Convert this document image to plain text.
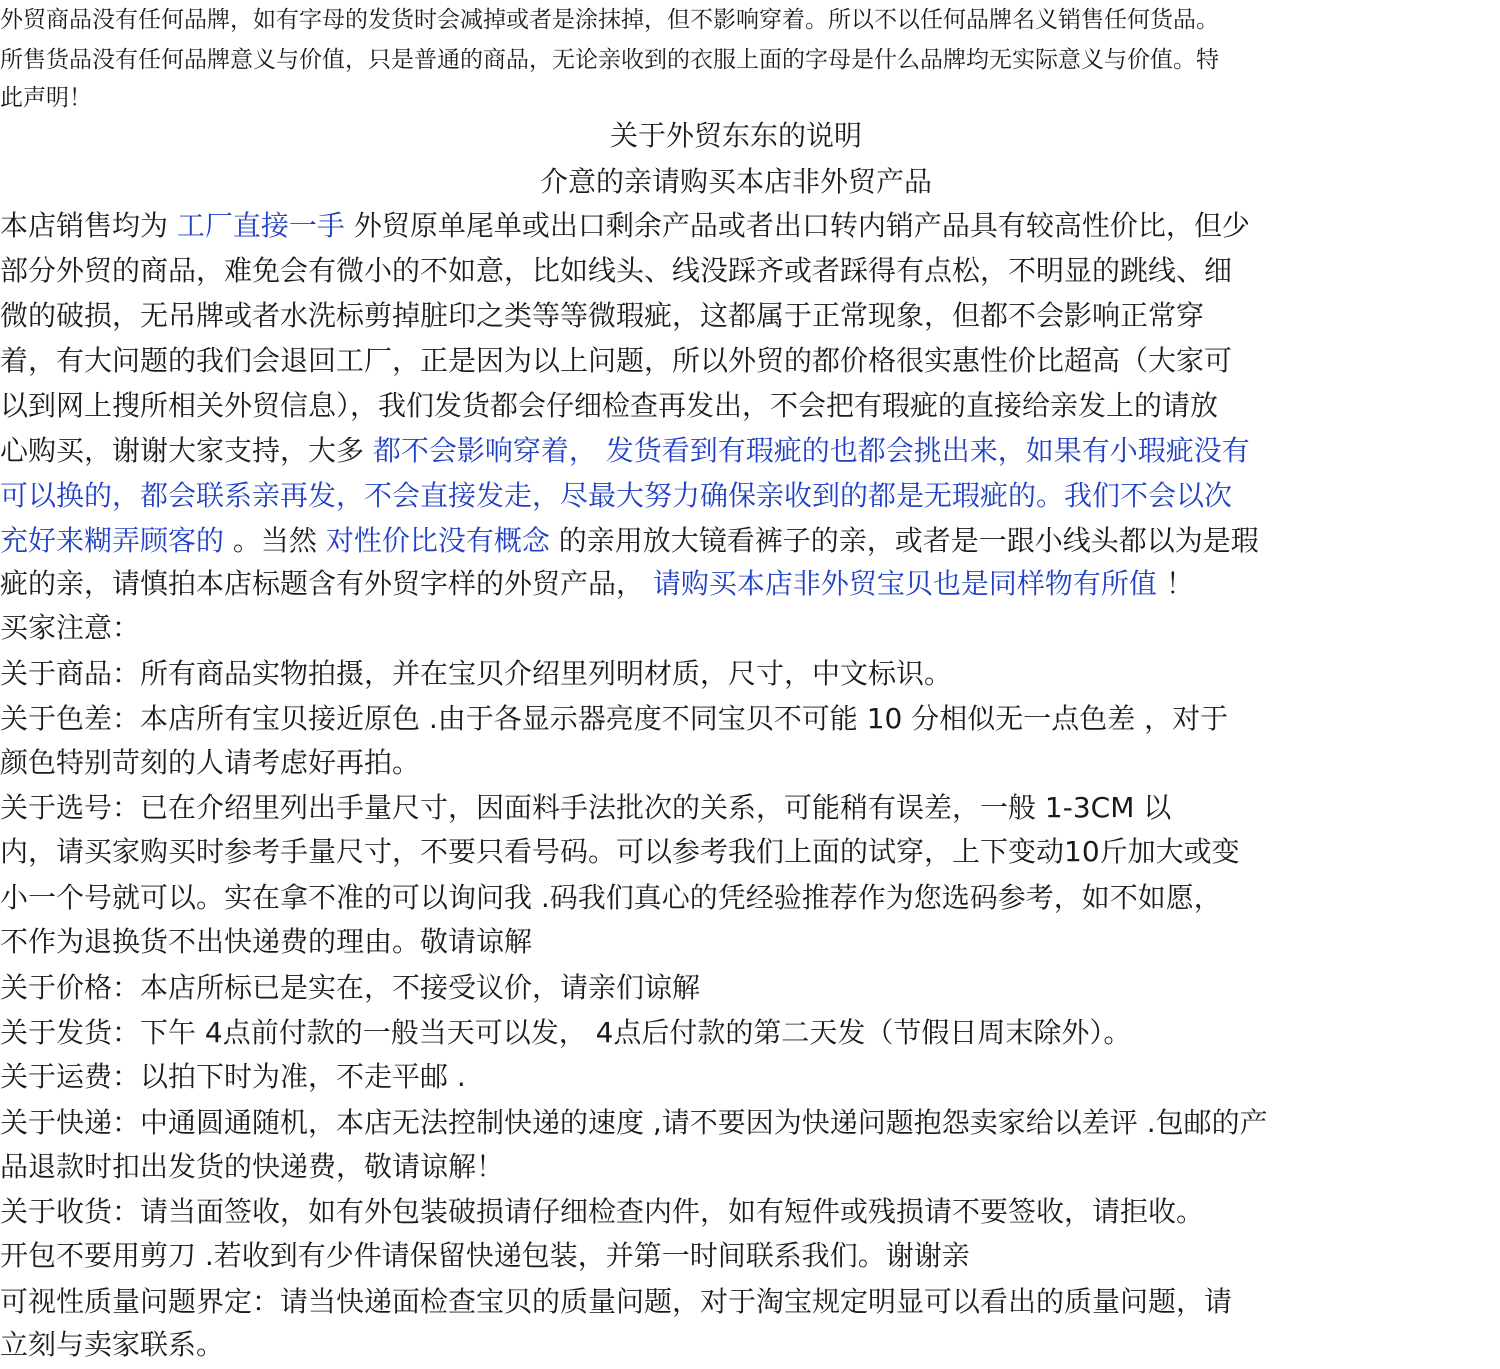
外贸商品没有任何品牌，如有字母的发货时会减掉或者是涂抹掉，但不影响穿着。所以不以任何品牌名义销售任何货品。

所售货品没有任何品牌意义与价值，只是普通的商品，无论亲收到的衣服上面的字母是什么品牌均无实际意义与价值。特

此声明！

关于外贸东东的说明

介意的亲请购买本店非外贸产品

本店销售均为 工厂直接一手 外贸原单尾单或出口剩余产品或者出口转内销产品具有较高性价比，但少

部分外贸的商品，难免会有微小的不如意，比如线头、线没踩齐或者踩得有点松，不明显的跳线、细

微的破损，无吊牌或者水洗标剪掉脏印之类等等微瑕疵，这都属于正常现象，但都不会影响正常穿

着，有大问题的我们会退回工厂，正是因为以上问题，所以外贸的都价格很实惠性价比超高（大家可

以到网上搜所相关外贸信息），我们发货都会仔细检查再发出，不会把有瑕疵的直接给亲发上的请放

心购买，谢谢大家支持，大多 都不会影响穿着， 发货看到有瑕疵的也都会挑出来，如果有小瑕疵没有

可以换的，都会联系亲再发，不会直接发走，尽最大努力确保亲收到的都是无瑕疵的。我们不会以次

充好来糊弄顾客的 。当然 对性价比没有概念 的亲用放大镜看裤子的亲，或者是一跟小线头都以为是瑕

疵的亲，请慎拍本店标题含有外贸字样的外贸产品， 请购买本店非外贸宝贝也是同样物有所值 ！

买家注意：

关于商品：所有商品实物拍摄，并在宝贝介绍里列明材质，尺寸，中文标识。

关于色差：本店所有宝贝接近原色 .由于各显示器亮度不同宝贝不可能 10 分相似无一点色差 ，对于

颜色特别苛刻的人请考虑好再拍。

关于选号：已在介绍里列出手量尺寸，因面料手法批次的关系，可能稍有误差，一般 1-3CM 以

内，请买家购买时参考手量尺寸，不要只看号码。可以参考我们上面的试穿，上下变动10斤加大或变

小一个号就可以。实在拿不准的可以询问我 .码我们真心的凭经验推荐作为您选码参考，如不如愿，

不作为退换货不出快递费的理由。敬请谅解

关于价格：本店所标已是实在，不接受议价，请亲们谅解

关于发货：下午 4点前付款的一般当天可以发， 4点后付款的第二天发（节假日周末除外）。

关于运费：以拍下时为准，不走平邮 .

关于快递：中通圆通随机，本店无法控制快递的速度 ,请不要因为快递问题抱怨卖家给以差评 .包邮的产

品退款时扣出发货的快递费，敬请谅解！

关于收货：请当面签收，如有外包装破损请仔细检查内件，如有短件或残损请不要签收，请拒收。

开包不要用剪刀 .若收到有少件请保留快递包装，并第一时间联系我们。谢谢亲

可视性质量问题界定：请当快递面检查宝贝的质量问题，对于淘宝规定明显可以看出的质量问题，请

立刻与卖家联系。
